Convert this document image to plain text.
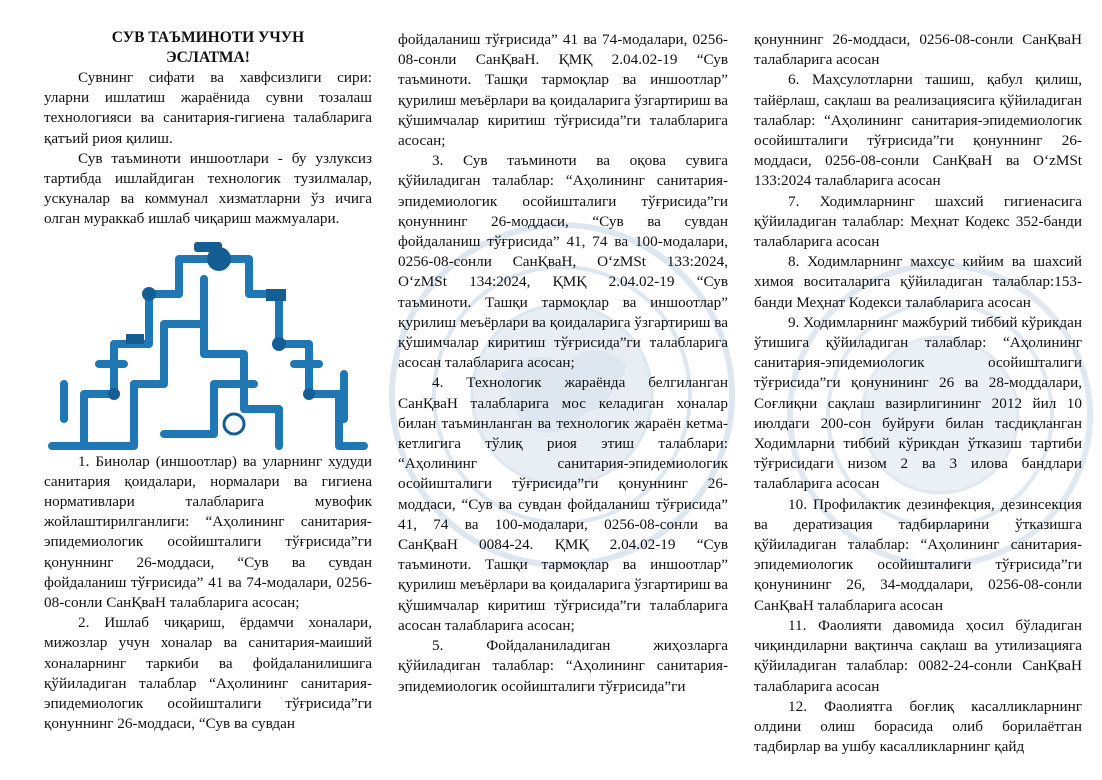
СУВ ТАЪМИНОТИ УЧУН

ЭСЛАТМА!

Сувнинг сифати ва хавфсизлиги сири: уларни ишлатиш жараёнида сувни тозалаш технологияси ва санитария-гигиена талабларига қатъий риоя қилиш.

Сув таъминоти иншоотлари - бу узлуксиз тартибда ишлайдиган технологик тузилмалар, ускуналар ва коммунал хизматларни ўз ичига олган мураккаб ишлаб чиқариш мажмуалари.

1. Бинолар (иншоотлар) ва уларнинг худуди санитария қоидалари, нормалари ва гигиена нормативлари талабларига мувофик жойлаштирилганлиги: “Аҳолининг санитария-эпидемиологик осойишталиги тўғрисида”ги қонуннинг 26-моддаси, “Сув ва сувдан фойдаланиш тўғрисида” 41 ва 74-модалари, 0256-08-сонли СанҚваН талабларига асосан;

2. Ишлаб чиқариш, ёрдамчи хоналари, мижозлар учун хоналар ва санитария-маиший хоналарнинг таркиби ва фойдаланилишига қўйиладиган талаблар “Аҳолининг санитария-эпидемиологик осойишталиги тўғрисида”ги қонуннинг 26-моддаси, “Сув ва сувдан

фойдаланиш тўғрисида” 41 ва 74-модалари, 0256-08-сонли СанҚваН. ҚМҚ 2.04.02-19 “Сув таъминоти. Ташқи тармоқлар ва иншоотлар” қурилиш меъёрлари ва қоидаларига ўзгартириш ва қўшимчалар киритиш тўғрисида”ги талабларига асосан;

3. Сув таъминоти ва оқова сувига қўйиладиган талаблар: “Аҳолининг санитария-эпидемиологик осойишталиги тўғрисида”ги қонуннинг 26-моддаси, “Сув ва сувдан фойдаланиш тўғрисида” 41, 74 ва 100-модалари, 0256-08-сонли СанҚваН, O‘zMSt 133:2024, O‘zMSt 134:2024, ҚМҚ 2.04.02-19 “Сув таъминоти. Ташқи тармоқлар ва иншоотлар” қурилиш меъёрлари ва қоидаларига ўзгартириш ва қўшимчалар киритиш тўғрисида”ги талабларига асосан талабларига асосан;

4. Технологик жараёнда белгиланган СанҚваН талабларига мос келадиган хоналар билан таъминланган ва технологик жараён кетма-кетлигига тўлиқ риоя этиш талаблари: “Аҳолининг санитария-эпидемиологик осойишталиги тўғрисида”ги қонуннинг 26-моддаси, “Сув ва сувдан фойдаланиш тўғрисида” 41, 74 ва 100-модалари, 0256-08-сонли ва СанҚваН 0084-24. ҚМҚ 2.04.02-19 “Сув таъминоти. Ташқи тармоқлар ва иншоотлар” қурилиш меъёрлари ва қоидаларига ўзгартириш ва қўшимчалар киритиш тўғрисида”ги талабларига асосан талабларига асосан;

5. Фойдаланиладиган жиҳозларга қўйиладиган талаблар: “Аҳолининг санитария-эпидемиологик осойишталиги тўғрисида”ги

қонуннинг 26-моддаси, 0256-08-сонли СанҚваН талабларига асосан

6. Маҳсулотларни ташиш, қабул қилиш, тайёрлаш, сақлаш ва реализациясига қўйиладиган талаблар: “Аҳолининг санитария-эпидемиологик осойишталиги тўғрисида”ги қонуннинг 26-моддаси, 0256-08-сонли СанҚваН ва O‘zMSt 133:2024 талабларига асосан

7. Ходимларнинг шахсий гигиенасига қўйиладиган талаблар: Меҳнат Кодекс 352-банди талабларига асосан

8. Ходимларнинг махсус кийим ва шахсий химоя воситаларига қўйиладиган талаблар:153-банди Меҳнат Кодекси талабларига асосан

9. Ходимларнинг мажбурий тиббий кўрикдан ўтишига қўйиладиган талаблар: “Аҳолининг санитария-эпидемиологик осойишталиги тўғрисида”ги қонунининг 26 ва 28-моддалари, Соғлиқни сақлаш вазирлигининг 2012 йил 10 июлдаги 200-сон буйруғи билан тасдиқланган Ходимларни тиббий кўрикдан ўтказиш тартиби тўғрисидаги низом 2 ва 3 илова бандлари талабларига асосан

10. Профилактик дезинфекция, дезинсекция ва дератизация тадбирларини ўтказишга қўйиладиган талаблар: “Аҳолининг санитария-эпидемиологик осойишталиги тўғрисида”ги қонунининг 26, 34-моддалари, 0256-08-сонли СанҚваН талабларига асосан

11. Фаолияти давомида ҳосил бўладиган чиқиндиларни вақтинча сақлаш ва утилизацияга қўйиладиган талаблар: 0082-24-сонли СанҚваН талабларига асосан

12. Фаолиятга боғлиқ касалликларнинг олдини олиш борасида олиб борилаётган тадбирлар ва ушбу касалликларнинг қайд
